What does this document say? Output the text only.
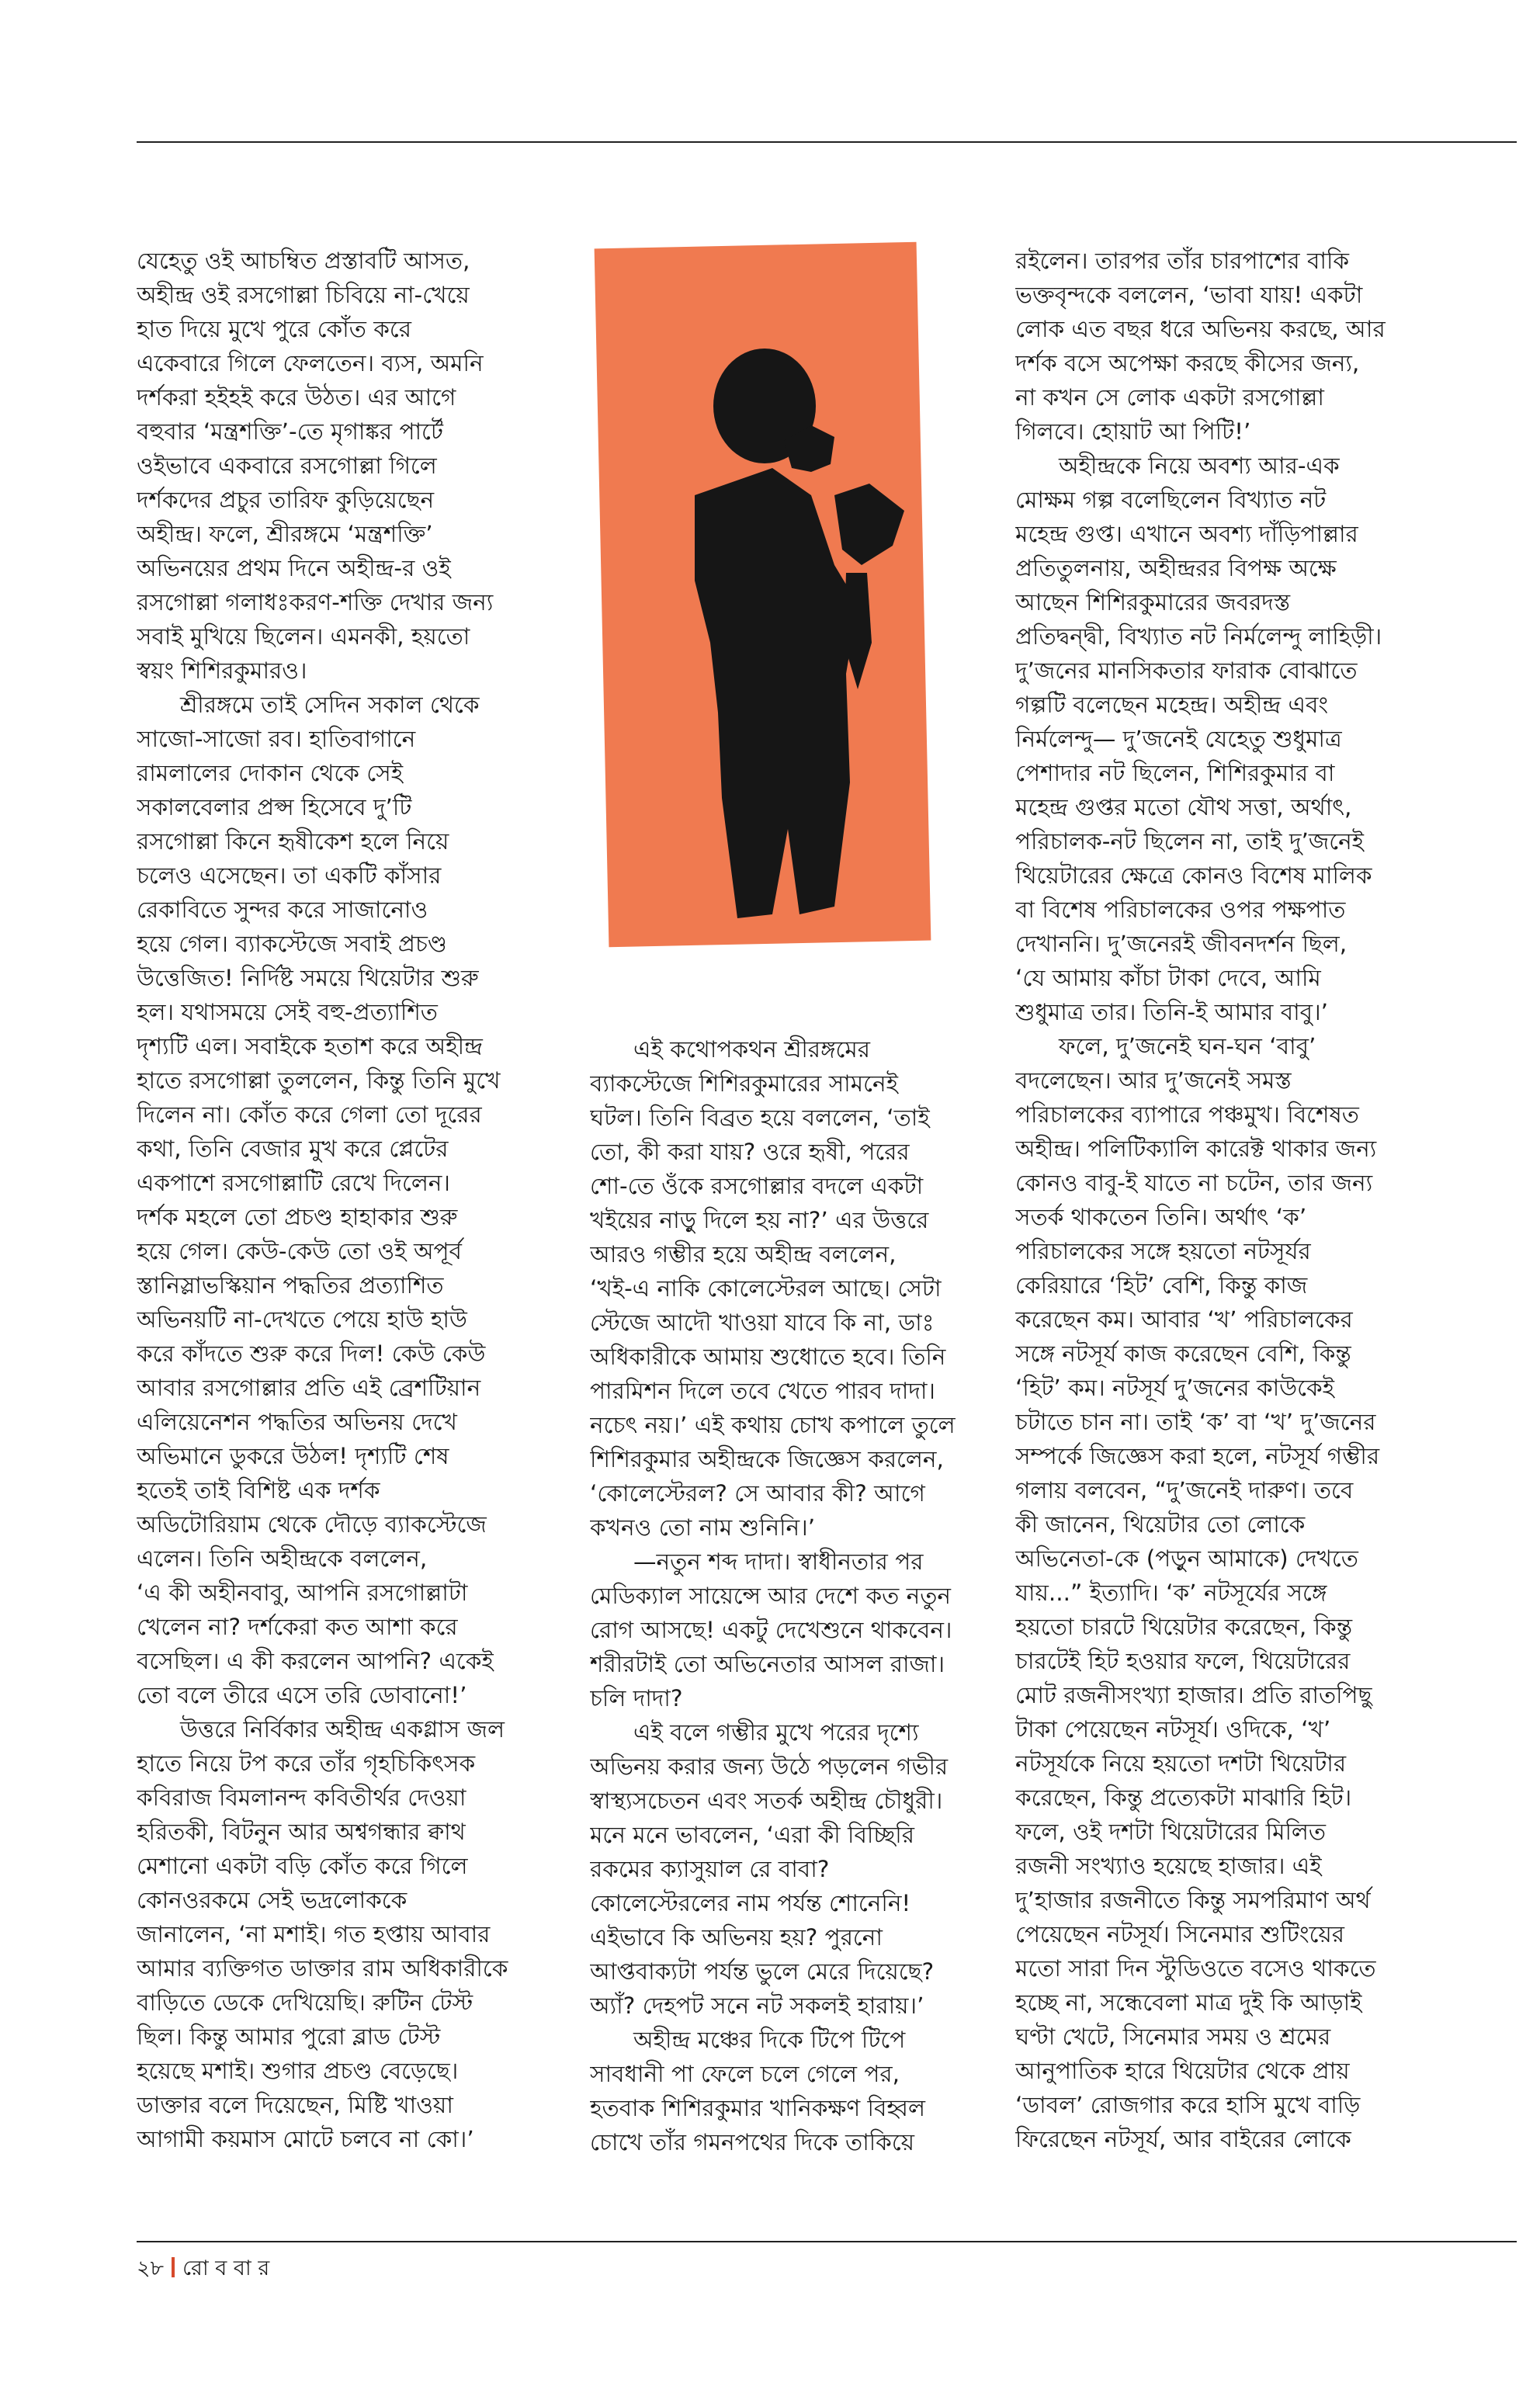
যেহেতু ওই আচম্বিত প্রস্তাবটি আসত,
অহীন্দ্র ওই রসগোল্লা চিবিয়ে না-খেয়ে
হাত দিয়ে মুখে পুরে কোঁত করে
একেবারে গিলে ফেলতেন। ব্যস, অমনি
দর্শকরা হইহই করে উঠত। এর আগে
বহুবার ‘মন্ত্রশক্তি’-তে মৃগাঙ্কর পার্টে
ওইভাবে একবারে রসগোল্লা গিলে
দর্শকদের প্রচুর তারিফ কুড়িয়েছেন
অহীন্দ্র। ফলে, শ্রীরঙ্গমে ‘মন্ত্রশক্তি’
অভিনয়ের প্রথম দিনে অহীন্দ্র-র ওই
রসগোল্লা গলাধঃকরণ-শক্তি দেখার জন্য
সবাই মুখিয়ে ছিলেন। এমনকী, হয়তো
স্বয়ং শিশিরকুমারও।
শ্রীরঙ্গমে তাই সেদিন সকাল থেকে
সাজো-সাজো রব। হাতিবাগানে
রামলালের দোকান থেকে সেই
সকালবেলার প্রপ্স হিসেবে দু’টি
রসগোল্লা কিনে হৃষীকেশ হলে নিয়ে
চলেও এসেছেন। তা একটি কাঁসার
রেকাবিতে সুন্দর করে সাজানোও
হয়ে গেল। ব্যাকস্টেজে সবাই প্রচণ্ড
উত্তেজিত! নির্দিষ্ট সময়ে থিয়েটার শুরু
হল। যথাসময়ে সেই বহু-প্রত্যাশিত
দৃশ্যটি এল। সবাইকে হতাশ করে অহীন্দ্র
হাতে রসগোল্লা তুললেন, কিন্তু তিনি মুখে
দিলেন না। কোঁত করে গেলা তো দূরের
কথা, তিনি বেজার মুখ করে প্লেটের
একপাশে রসগোল্লাটি রেখে দিলেন।
দর্শক মহলে তো প্রচণ্ড হাহাকার শুরু
হয়ে গেল। কেউ-কেউ তো ওই অপূর্ব
স্তানিস্লাভস্কিয়ান পদ্ধতির প্রত্যাশিত
অভিনয়টি না-দেখতে পেয়ে হাউ হাউ
করে কাঁদতে শুরু করে দিল! কেউ কেউ
আবার রসগোল্লার প্রতি এই ব্রেশটিয়ান
এলিয়েনেশন পদ্ধতির অভিনয় দেখে
অভিমানে ডুকরে উঠল! দৃশ্যটি শেষ
হতেই তাই বিশিষ্ট এক দর্শক
অডিটোরিয়াম থেকে দৌড়ে ব্যাকস্টেজে
এলেন। তিনি অহীন্দ্রকে বললেন,
‘এ কী অহীনবাবু, আপনি রসগোল্লাটা
খেলেন না? দর্শকেরা কত আশা করে
বসেছিল। এ কী করলেন আপনি? একেই
তো বলে তীরে এসে তরি ডোবানো!’
উত্তরে নির্বিকার অহীন্দ্র একগ্লাস জল
হাতে নিয়ে টপ করে তাঁর গৃহচিকিৎসক
কবিরাজ বিমলানন্দ কবিতীর্থর দেওয়া
হরিতকী, বিটনুন আর অশ্বগন্ধার ক্বাথ
মেশানো একটা বড়ি কোঁত করে গিলে
কোনওরকমে সেই ভদ্রলোককে
জানালেন, ‘না মশাই। গত হপ্তায় আবার
আমার ব্যক্তিগত ডাক্তার রাম অধিকারীকে
বাড়িতে ডেকে দেখিয়েছি। রুটিন টেস্ট
ছিল। কিন্তু আমার পুরো ব্লাড টেস্ট
হয়েছে মশাই। শুগার প্রচণ্ড বেড়েছে।
ডাক্তার বলে দিয়েছেন, মিষ্টি খাওয়া
আগামী কয়মাস মোটে চলবে না কো।’
এই কথোপকথন শ্রীরঙ্গমের
ব্যাকস্টেজে শিশিরকুমারের সামনেই
ঘটল। তিনি বিব্রত হয়ে বললেন, ‘তাই
তো, কী করা যায়? ওরে হৃষী, পরের
শো-তে ওঁকে রসগোল্লার বদলে একটা
খইয়ের নাড়ু দিলে হয় না?’ এর উত্তরে
আরও গম্ভীর হয়ে অহীন্দ্র বললেন,
‘খই-এ নাকি কোলেস্টেরল আছে। সেটা
স্টেজে আদৌ খাওয়া যাবে কি না, ডাঃ
অধিকারীকে আমায় শুধোতে হবে। তিনি
পারমিশন দিলে তবে খেতে পারব দাদা।
নচেৎ নয়।’ এই কথায় চোখ কপালে তুলে
শিশিরকুমার অহীন্দ্রকে জিজ্ঞেস করলেন,
‘কোলেস্টেরল? সে আবার কী? আগে
কখনও তো নাম শুনিনি।’
—নতুন শব্দ দাদা। স্বাধীনতার পর
মেডিক্যাল সায়েন্সে আর দেশে কত নতুন
রোগ আসছে! একটু দেখেশুনে থাকবেন।
শরীরটাই তো অভিনেতার আসল রাজা।
চলি দাদা?
এই বলে গম্ভীর মুখে পরের দৃশ্যে
অভিনয় করার জন্য উঠে পড়লেন গভীর
স্বাস্থ্যসচেতন এবং সতর্ক অহীন্দ্র চৌধুরী।
মনে মনে ভাবলেন, ‘এরা কী বিচ্ছিরি
রকমের ক্যাসুয়াল রে বাবা?
কোলেস্টেরলের নাম পর্যন্ত শোনেনি!
এইভাবে কি অভিনয় হয়? পুরনো
আপ্তবাক্যটা পর্যন্ত ভুলে মেরে দিয়েছে?
অ্যাঁ? দেহপট সনে নট সকলই হারায়।’
অহীন্দ্র মঞ্চের দিকে টিপে টিপে
সাবধানী পা ফেলে চলে গেলে পর,
হতবাক শিশিরকুমার খানিকক্ষণ বিহ্বল
চোখে তাঁর গমনপথের দিকে তাকিয়ে
রইলেন। তারপর তাঁর চারপাশের বাকি
ভক্তবৃন্দকে বললেন, ‘ভাবা যায়! একটা
লোক এত বছর ধরে অভিনয় করছে, আর
দর্শক বসে অপেক্ষা করছে কীসের জন্য,
না কখন সে লোক একটা রসগোল্লা
গিলবে। হোয়াট আ পিটি!’
অহীন্দ্রকে নিয়ে অবশ্য আর-এক
মোক্ষম গল্প বলেছিলেন বিখ্যাত নট
মহেন্দ্র গুপ্ত। এখানে অবশ্য দাঁড়িপাল্লার
প্রতিতুলনায়, অহীন্দ্ররর বিপক্ষ অক্ষে
আছেন শিশিরকুমারের জবরদস্ত
প্রতিদ্বন্দ্বী, বিখ্যাত নট নির্মলেন্দু লাহিড়ী।
দু’জনের মানসিকতার ফারাক বোঝাতে
গল্পটি বলেছেন মহেন্দ্র। অহীন্দ্র এবং
নির্মলেন্দু— দু’জনেই যেহেতু শুধুমাত্র
পেশাদার নট ছিলেন, শিশিরকুমার বা
মহেন্দ্র গুপ্তর মতো যৌথ সত্তা, অর্থাৎ,
পরিচালক-নট ছিলেন না, তাই দু’জনেই
থিয়েটারের ক্ষেত্রে কোনও বিশেষ মালিক
বা বিশেষ পরিচালকের ওপর পক্ষপাত
দেখাননি। দু’জনেরই জীবনদর্শন ছিল,
‘যে আমায় কাঁচা টাকা দেবে, আমি
শুধুমাত্র তার। তিনি-ই আমার বাবু।’
ফলে, দু’জনেই ঘন-ঘন ‘বাবু’
বদলেছেন। আর দু’জনেই সমস্ত
পরিচালকের ব্যাপারে পঞ্চমুখ। বিশেষত
অহীন্দ্র। পলিটিক্যালি কারেক্ট থাকার জন্য
কোনও বাবু-ই যাতে না চটেন, তার জন্য
সতর্ক থাকতেন তিনি। অর্থাৎ ‘ক’
পরিচালকের সঙ্গে হয়তো নটসূর্যর
কেরিয়ারে ‘হিট’ বেশি, কিন্তু কাজ
করেছেন কম। আবার ‘খ’ পরিচালকের
সঙ্গে নটসূর্য কাজ করেছেন বেশি, কিন্তু
‘হিট’ কম। নটসূর্য দু’জনের কাউকেই
চটাতে চান না। তাই ‘ক’ বা ‘খ’ দু’জনের
সম্পর্কে জিজ্ঞেস করা হলে, নটসূর্য গম্ভীর
গলায় বলবেন, “দু’জনেই দারুণ। তবে
কী জানেন, থিয়েটার তো লোকে
অভিনেতা-কে (পড়ুন আমাকে) দেখতে
যায়...” ইত্যাদি। ‘ক’ নটসূর্যের সঙ্গে
হয়তো চারটে থিয়েটার করেছেন, কিন্তু
চারটেই হিট হওয়ার ফলে, থিয়েটারের
মোট রজনীসংখ্যা হাজার। প্রতি রাতপিছু
টাকা পেয়েছেন নটসূর্য। ওদিকে, ‘খ’
নটসূর্যকে নিয়ে হয়তো দশটা থিয়েটার
করেছেন, কিন্তু প্রত্যেকটা মাঝারি হিট।
ফলে, ওই দশটা থিয়েটারের মিলিত
রজনী সংখ্যাও হয়েছে হাজার। এই
দু’হাজার রজনীতে কিন্তু সমপরিমাণ অর্থ
পেয়েছেন নটসূর্য। সিনেমার শুটিংয়ের
মতো সারা দিন স্টুডিওতে বসেও থাকতে
হচ্ছে না, সন্ধেবেলা মাত্র দুই কি আড়াই
ঘণ্টা খেটে, সিনেমার সময় ও শ্রমের
আনুপাতিক হারে থিয়েটার থেকে প্রায়
‘ডাবল’ রোজগার করে হাসি মুখে বাড়ি
ফিরেছেন নটসূর্য, আর বাইরের লোকে
২৮ রো ব বা র
